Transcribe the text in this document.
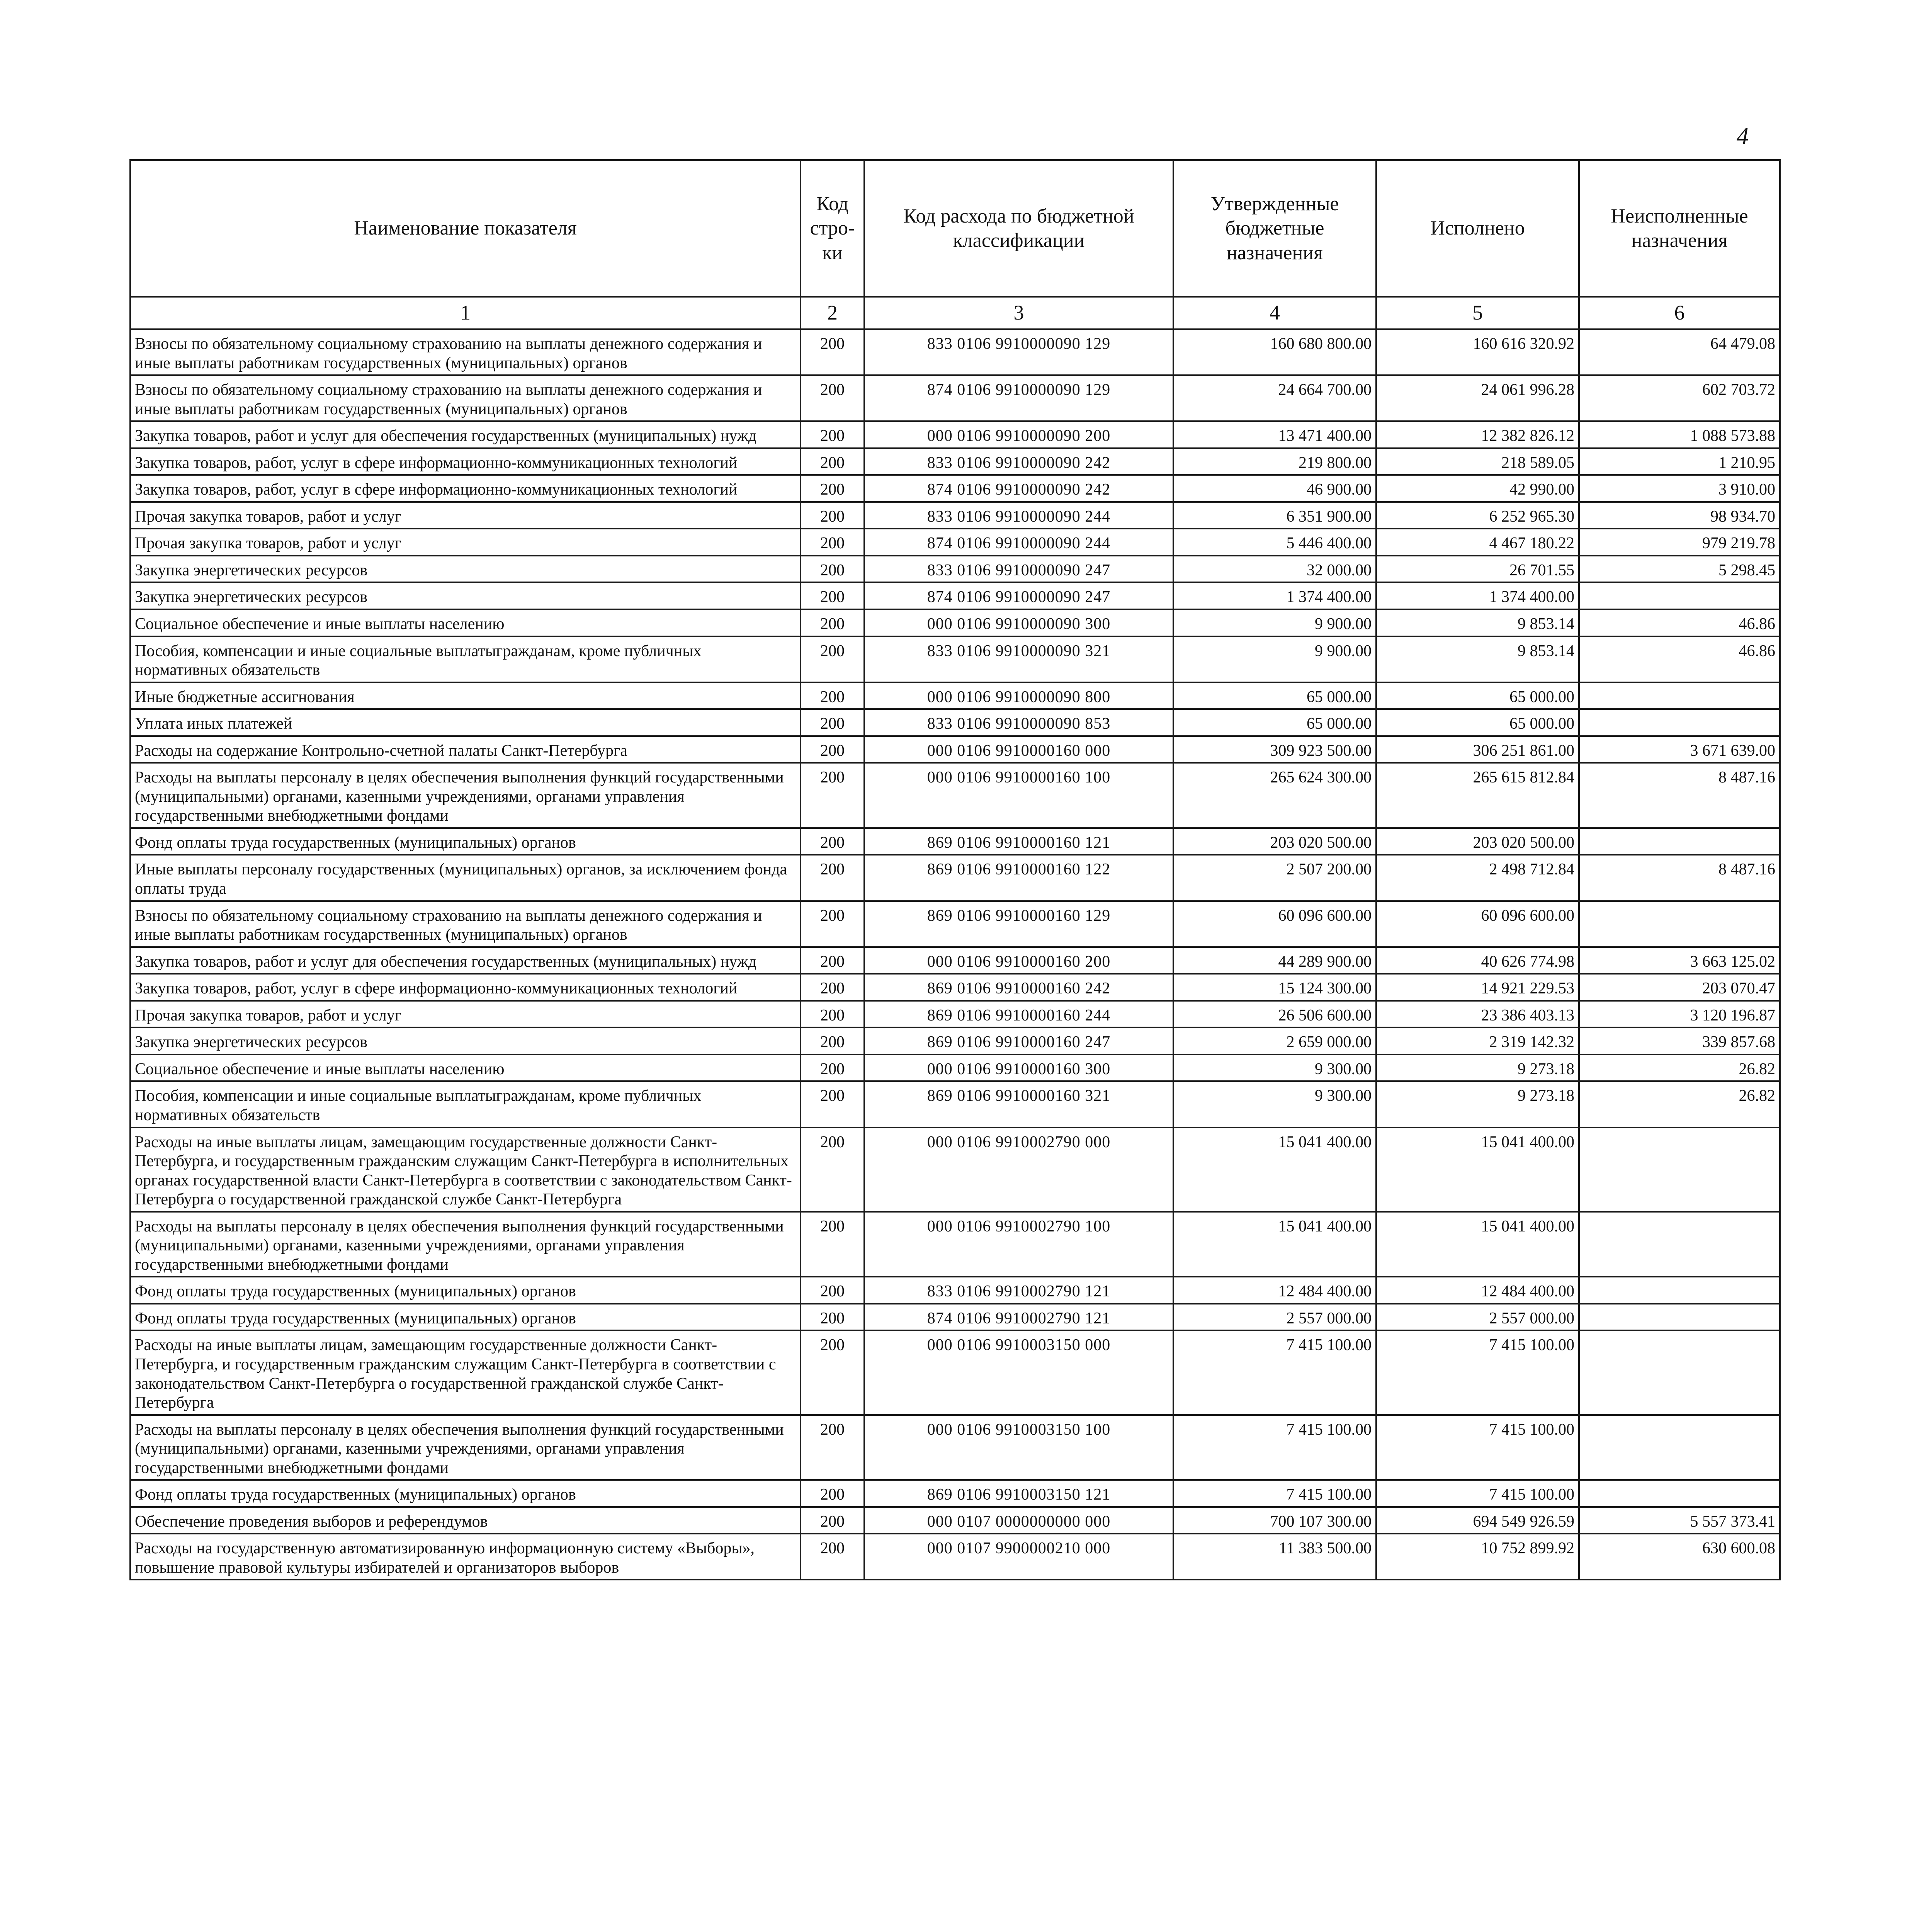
4
Наименование показателя	Код стро-ки	Код расхода по бюджетной классификации	Утвержденные бюджетные назначения	Исполнено	Неисполненные назначения
1	2	3	4	5	6
Взносы по обязательному социальному страхованию на выплаты денежного содержания и иные выплаты работникам государственных (муниципальных) органов	200	833 0106 9910000090 129	160 680 800.00	160 616 320.92	64 479.08
Взносы по обязательному социальному страхованию на выплаты денежного содержания и иные выплаты работникам государственных (муниципальных) органов	200	874 0106 9910000090 129	24 664 700.00	24 061 996.28	602 703.72
Закупка товаров, работ и услуг для обеспечения государственных (муниципальных) нужд	200	000 0106 9910000090 200	13 471 400.00	12 382 826.12	1 088 573.88
Закупка товаров, работ, услуг в сфере информационно-коммуникационных технологий	200	833 0106 9910000090 242	219 800.00	218 589.05	1 210.95
Закупка товаров, работ, услуг в сфере информационно-коммуникационных технологий	200	874 0106 9910000090 242	46 900.00	42 990.00	3 910.00
Прочая закупка товаров, работ и услуг	200	833 0106 9910000090 244	6 351 900.00	6 252 965.30	98 934.70
Прочая закупка товаров, работ и услуг	200	874 0106 9910000090 244	5 446 400.00	4 467 180.22	979 219.78
Закупка энергетических ресурсов	200	833 0106 9910000090 247	32 000.00	26 701.55	5 298.45
Закупка энергетических ресурсов	200	874 0106 9910000090 247	1 374 400.00	1 374 400.00	
Социальное обеспечение и иные выплаты населению	200	000 0106 9910000090 300	9 900.00	9 853.14	46.86
Пособия, компенсации и иные социальные выплатыгражданам, кроме публичных нормативных обязательств	200	833 0106 9910000090 321	9 900.00	9 853.14	46.86
Иные бюджетные ассигнования	200	000 0106 9910000090 800	65 000.00	65 000.00	
Уплата иных платежей	200	833 0106 9910000090 853	65 000.00	65 000.00	
Расходы на содержание Контрольно-счетной палаты Санкт-Петербурга	200	000 0106 9910000160 000	309 923 500.00	306 251 861.00	3 671 639.00
Расходы на выплаты персоналу в целях обеспечения выполнения функций государственными (муниципальными) органами, казенными учреждениями, органами управления государственными внебюджетными фондами	200	000 0106 9910000160 100	265 624 300.00	265 615 812.84	8 487.16
Фонд оплаты труда государственных (муниципальных) органов	200	869 0106 9910000160 121	203 020 500.00	203 020 500.00	
Иные выплаты персоналу государственных (муниципальных) органов, за исключением фонда оплаты труда	200	869 0106 9910000160 122	2 507 200.00	2 498 712.84	8 487.16
Взносы по обязательному социальному страхованию на выплаты денежного содержания и иные выплаты работникам государственных (муниципальных) органов	200	869 0106 9910000160 129	60 096 600.00	60 096 600.00	
Закупка товаров, работ и услуг для обеспечения государственных (муниципальных) нужд	200	000 0106 9910000160 200	44 289 900.00	40 626 774.98	3 663 125.02
Закупка товаров, работ, услуг в сфере информационно-коммуникационных технологий	200	869 0106 9910000160 242	15 124 300.00	14 921 229.53	203 070.47
Прочая закупка товаров, работ и услуг	200	869 0106 9910000160 244	26 506 600.00	23 386 403.13	3 120 196.87
Закупка энергетических ресурсов	200	869 0106 9910000160 247	2 659 000.00	2 319 142.32	339 857.68
Социальное обеспечение и иные выплаты населению	200	000 0106 9910000160 300	9 300.00	9 273.18	26.82
Пособия, компенсации и иные социальные выплатыгражданам, кроме публичных нормативных обязательств	200	869 0106 9910000160 321	9 300.00	9 273.18	26.82
Расходы на иные выплаты лицам, замещающим государственные должности Санкт-Петербурга, и государственным гражданским служащим Санкт-Петербурга в исполнительных органах государственной власти Санкт-Петербурга в соответствии с законодательством Санкт-Петербурга о государственной гражданской службе Санкт-Петербурга	200	000 0106 9910002790 000	15 041 400.00	15 041 400.00	
Расходы на выплаты персоналу в целях обеспечения выполнения функций государственными (муниципальными) органами, казенными учреждениями, органами управления государственными внебюджетными фондами	200	000 0106 9910002790 100	15 041 400.00	15 041 400.00	
Фонд оплаты труда государственных (муниципальных) органов	200	833 0106 9910002790 121	12 484 400.00	12 484 400.00	
Фонд оплаты труда государственных (муниципальных) органов	200	874 0106 9910002790 121	2 557 000.00	2 557 000.00	
Расходы на иные выплаты лицам, замещающим государственные должности Санкт-Петербурга, и государственным гражданским служащим Санкт-Петербурга в соответствии с законодательством Санкт-Петербурга о государственной гражданской службе Санкт-Петербурга	200	000 0106 9910003150 000	7 415 100.00	7 415 100.00	
Расходы на выплаты персоналу в целях обеспечения выполнения функций государственными (муниципальными) органами, казенными учреждениями, органами управления государственными внебюджетными фондами	200	000 0106 9910003150 100	7 415 100.00	7 415 100.00	
Фонд оплаты труда государственных (муниципальных) органов	200	869 0106 9910003150 121	7 415 100.00	7 415 100.00	
Обеспечение проведения выборов и референдумов	200	000 0107 0000000000 000	700 107 300.00	694 549 926.59	5 557 373.41
Расходы на государственную автоматизированную информационную систему «Выборы», повышение правовой культуры избирателей и организаторов выборов	200	000 0107 9900000210 000	11 383 500.00	10 752 899.92	630 600.08
